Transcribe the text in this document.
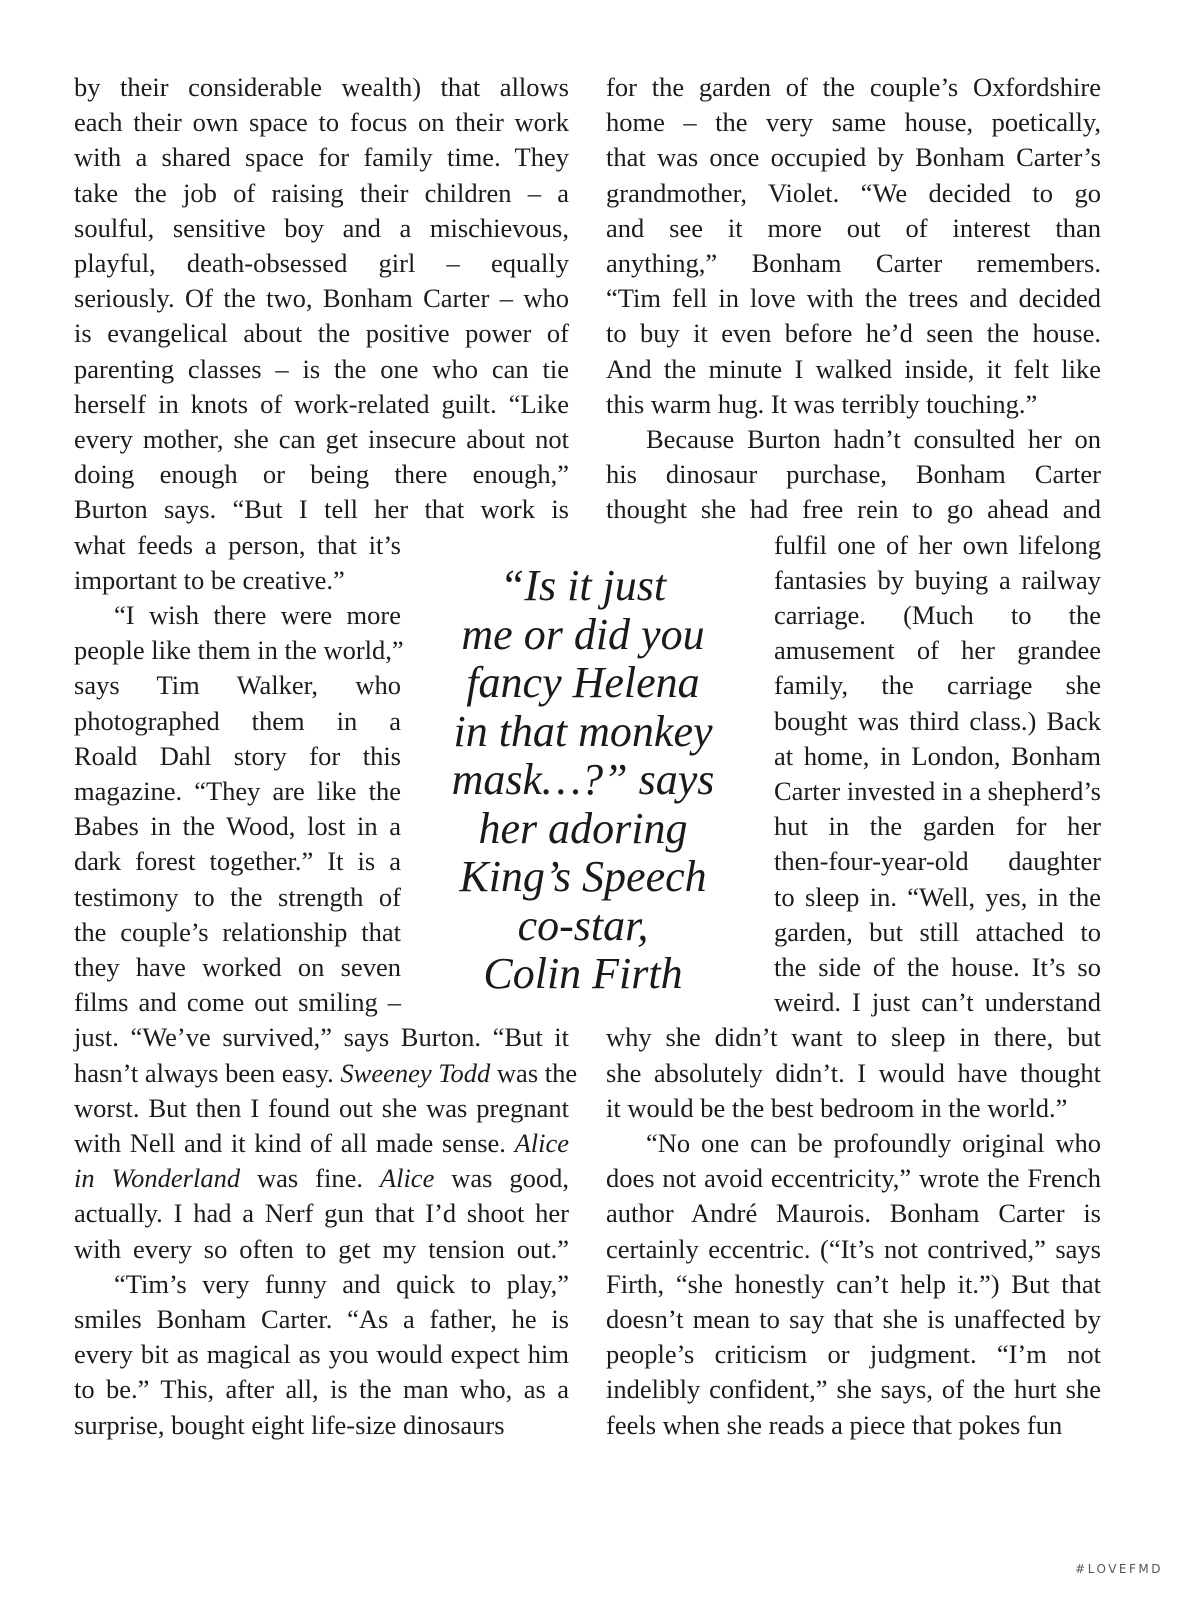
by their considerable wealth) that allows

each their own space to focus on their work

with a shared space for family time. They

take the job of raising their children – a

soulful, sensitive boy and a mischievous,

playful, death-obsessed girl – equally

seriously. Of the two, Bonham Carter – who

is evangelical about the positive power of

parenting classes – is the one who can tie

herself in knots of work-related guilt. “Like

every mother, she can get insecure about not

doing enough or being there enough,”

Burton says. “But I tell her that work is

what feeds a person, that it’s

important to be creative.”

“I wish there were more

people like them in the world,”

says Tim Walker, who

photographed them in a

Roald Dahl story for this

magazine. “They are like the

Babes in the Wood, lost in a

dark forest together.” It is a

testimony to the strength of

the couple’s relationship that

they have worked on seven

films and come out smiling –

just. “We’ve survived,” says Burton. “But it

hasn’t always been easy. Sweeney Todd was the

worst. But then I found out she was pregnant

with Nell and it kind of all made sense. Alice

in Wonderland was fine. Alice was good,

actually. I had a Nerf gun that I’d shoot her

with every so often to get my tension out.”

“Tim’s very funny and quick to play,”

smiles Bonham Carter. “As a father, he is

every bit as magical as you would expect him

to be.” This, after all, is the man who, as a

surprise, bought eight life-size dinosaurs

for the garden of the couple’s Oxfordshire

home – the very same house, poetically,

that was once occupied by Bonham Carter’s

grandmother, Violet. “We decided to go

and see it more out of interest than

anything,” Bonham Carter remembers.

“Tim fell in love with the trees and decided

to buy it even before he’d seen the house.

And the minute I walked inside, it felt like

this warm hug. It was terribly touching.”

Because Burton hadn’t consulted her on

his dinosaur purchase, Bonham Carter

thought she had free rein to go ahead and

fulfil one of her own lifelong

fantasies by buying a railway

carriage. (Much to the

amusement of her grandee

family, the carriage she

bought was third class.) Back

at home, in London, Bonham

Carter invested in a shepherd’s

hut in the garden for her

then-four-year-old daughter

to sleep in. “Well, yes, in the

garden, but still attached to

the side of the house. It’s so

weird. I just can’t understand

why she didn’t want to sleep in there, but

she absolutely didn’t. I would have thought

it would be the best bedroom in the world.”

“No one can be profoundly original who

does not avoid eccentricity,” wrote the French

author André Maurois. Bonham Carter is

certainly eccentric. (“It’s not contrived,” says

Firth, “she honestly can’t help it.”) But that

doesn’t mean to say that she is unaffected by

people’s criticism or judgment. “I’m not

indelibly confident,” she says, of the hurt she

feels when she reads a piece that pokes fun

“Is it just
me or did you
fancy Helena
in that monkey
mask…?” says
her adoring
King’s Speech
co-star,
Colin Firth
#LOVEFMD
